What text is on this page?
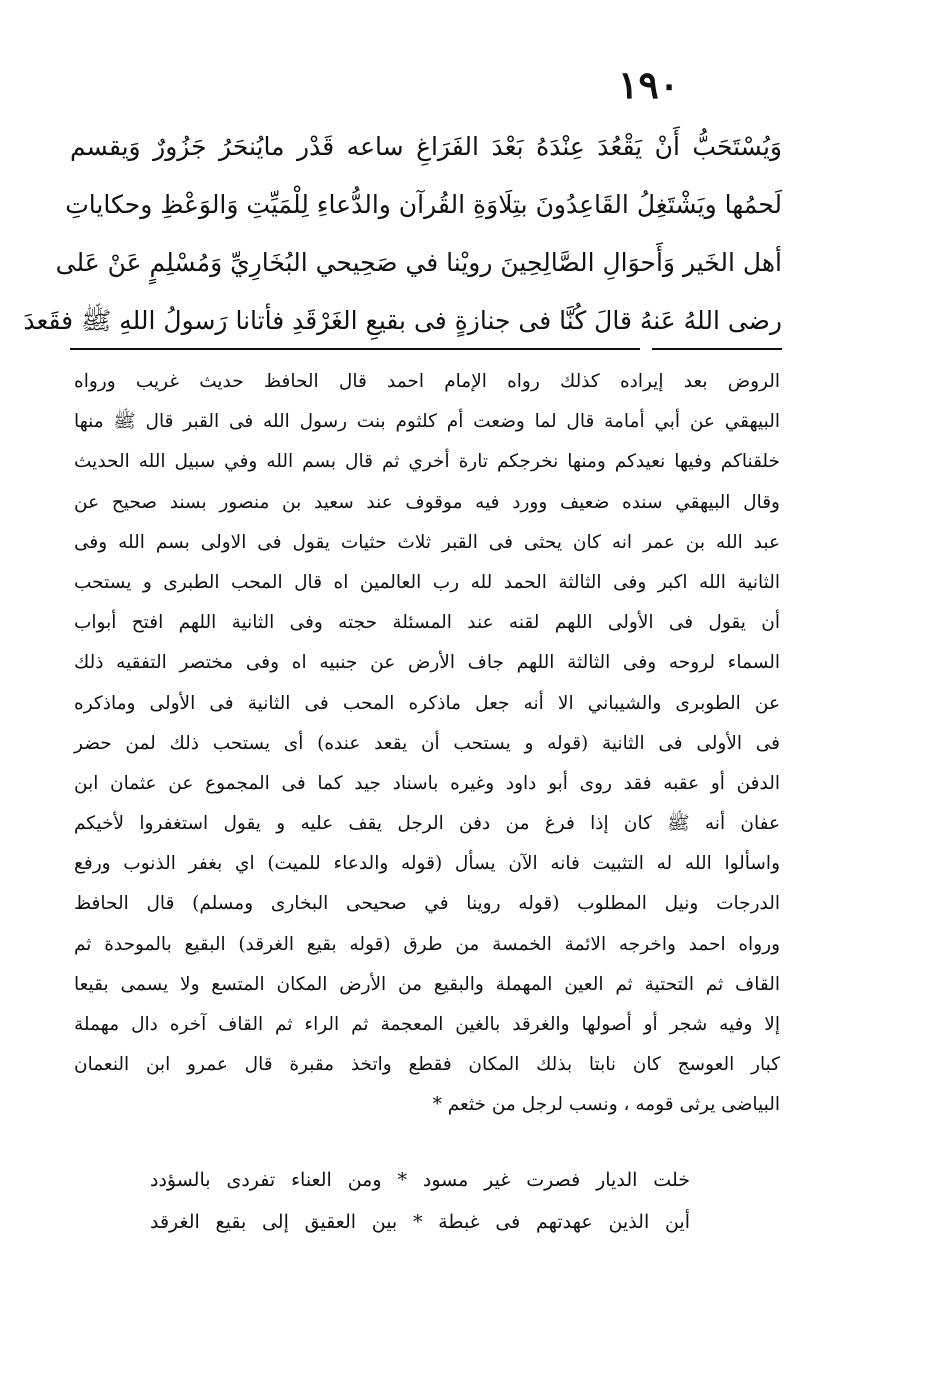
١٩٠
وَيُسْتَحَبُّ أَنْ يَقْعُدَ عِنْدَهُ بَعْدَ الفَرَاغِ ساعه قَدْر مايُنحَرُ جَزُورٌ وَيقسم
لَحمُها ويَشْتَغِلُ القَاعِدُونَ بتِلَاوَةِ القُرآن والدُّعاءِ لِلْمَيِّتِ وَالوَعْظِ وحكاياتِ
أهل الخَير وَأَحوَالِ الصَّالِحِينَ رويْنا في صَحِيحي البُخَارِيِّ وَمُسْلِمٍ عَنْ عَلى
رضى اللهُ عَنهُ قالَ كُنَّا فى جنازةٍ فى بقيعِ الغَرْقَدِ فأتانا رَسولُ اللهِ ﷺ فقَعدَ
الروض بعد إيراده كذلك رواه الإمام احمد قال الحافظ حديث غريب ورواه
البيهقي عن أبي أمامة قال لما وضعت أم كلثوم بنت رسول الله فى القبر قال ﷺ منها
خلقناكم وفيها نعيدكم ومنها نخرجكم تارة أخري ثم قال بسم الله وفي سبيل الله الحديث
وقال البيهقي سنده ضعيف وورد فيه موقوف عند سعيد بن منصور بسند صحيح عن
عبد الله بن عمر انه كان يحثى فى القبر ثلاث حثيات يقول فى الاولى بسم الله وفى
الثانية الله اكبر وفى الثالثة الحمد لله رب العالمين اه قال المحب الطبرى و يستحب
أن يقول فى الأولى اللهم لقنه عند المسئلة حجته وفى الثانية اللهم افتح أبواب
السماء لروحه وفى الثالثة اللهم جاف الأرض عن جنبيه اه وفى مختصر التفقيه ذلك
عن الطوبرى والشيباني الا أنه جعل ماذكره المحب فى الثانية فى الأولى وماذكره
فى الأولى فى الثانية (قوله و يستحب أن يقعد عنده) أى يستحب ذلك لمن حضر
الدفن أو عقبه فقد روى أبو داود وغيره باسناد جيد كما فى المجموع عن عثمان ابن
عفان أنه ﷺ كان إذا فرغ من دفن الرجل يقف عليه و يقول استغفروا لأخيكم
واسألوا الله له التثبيت فانه الآن يسأل (قوله والدعاء للميت) اي بغفر الذنوب ورفع
الدرجات ونيل المطلوب (قوله روينا في صحيحى البخارى ومسلم) قال الحافظ
ورواه احمد واخرجه الائمة الخمسة من طرق (قوله بقيع الغرقد) البقيع بالموحدة ثم
القاف ثم التحتية ثم العين المهملة والبقيع من الأرض المكان المتسع ولا يسمى بقيعا
إلا وفيه شجر أو أصولها والغرقد بالغين المعجمة ثم الراء ثم القاف آخره دال مهملة
كبار العوسج كان نابتا بذلك المكان فقطع واتخذ مقبرة قال عمرو ابن النعمان
البياضى يرثى قومه ، ونسب لرجل من خثعم *
خلت الديار فصرت غير مسود * ومن العناء تفردى بالسؤدد
أين الذين عهدتهم فى غبطة * بين العقيق إلى بقيع الغرقد
